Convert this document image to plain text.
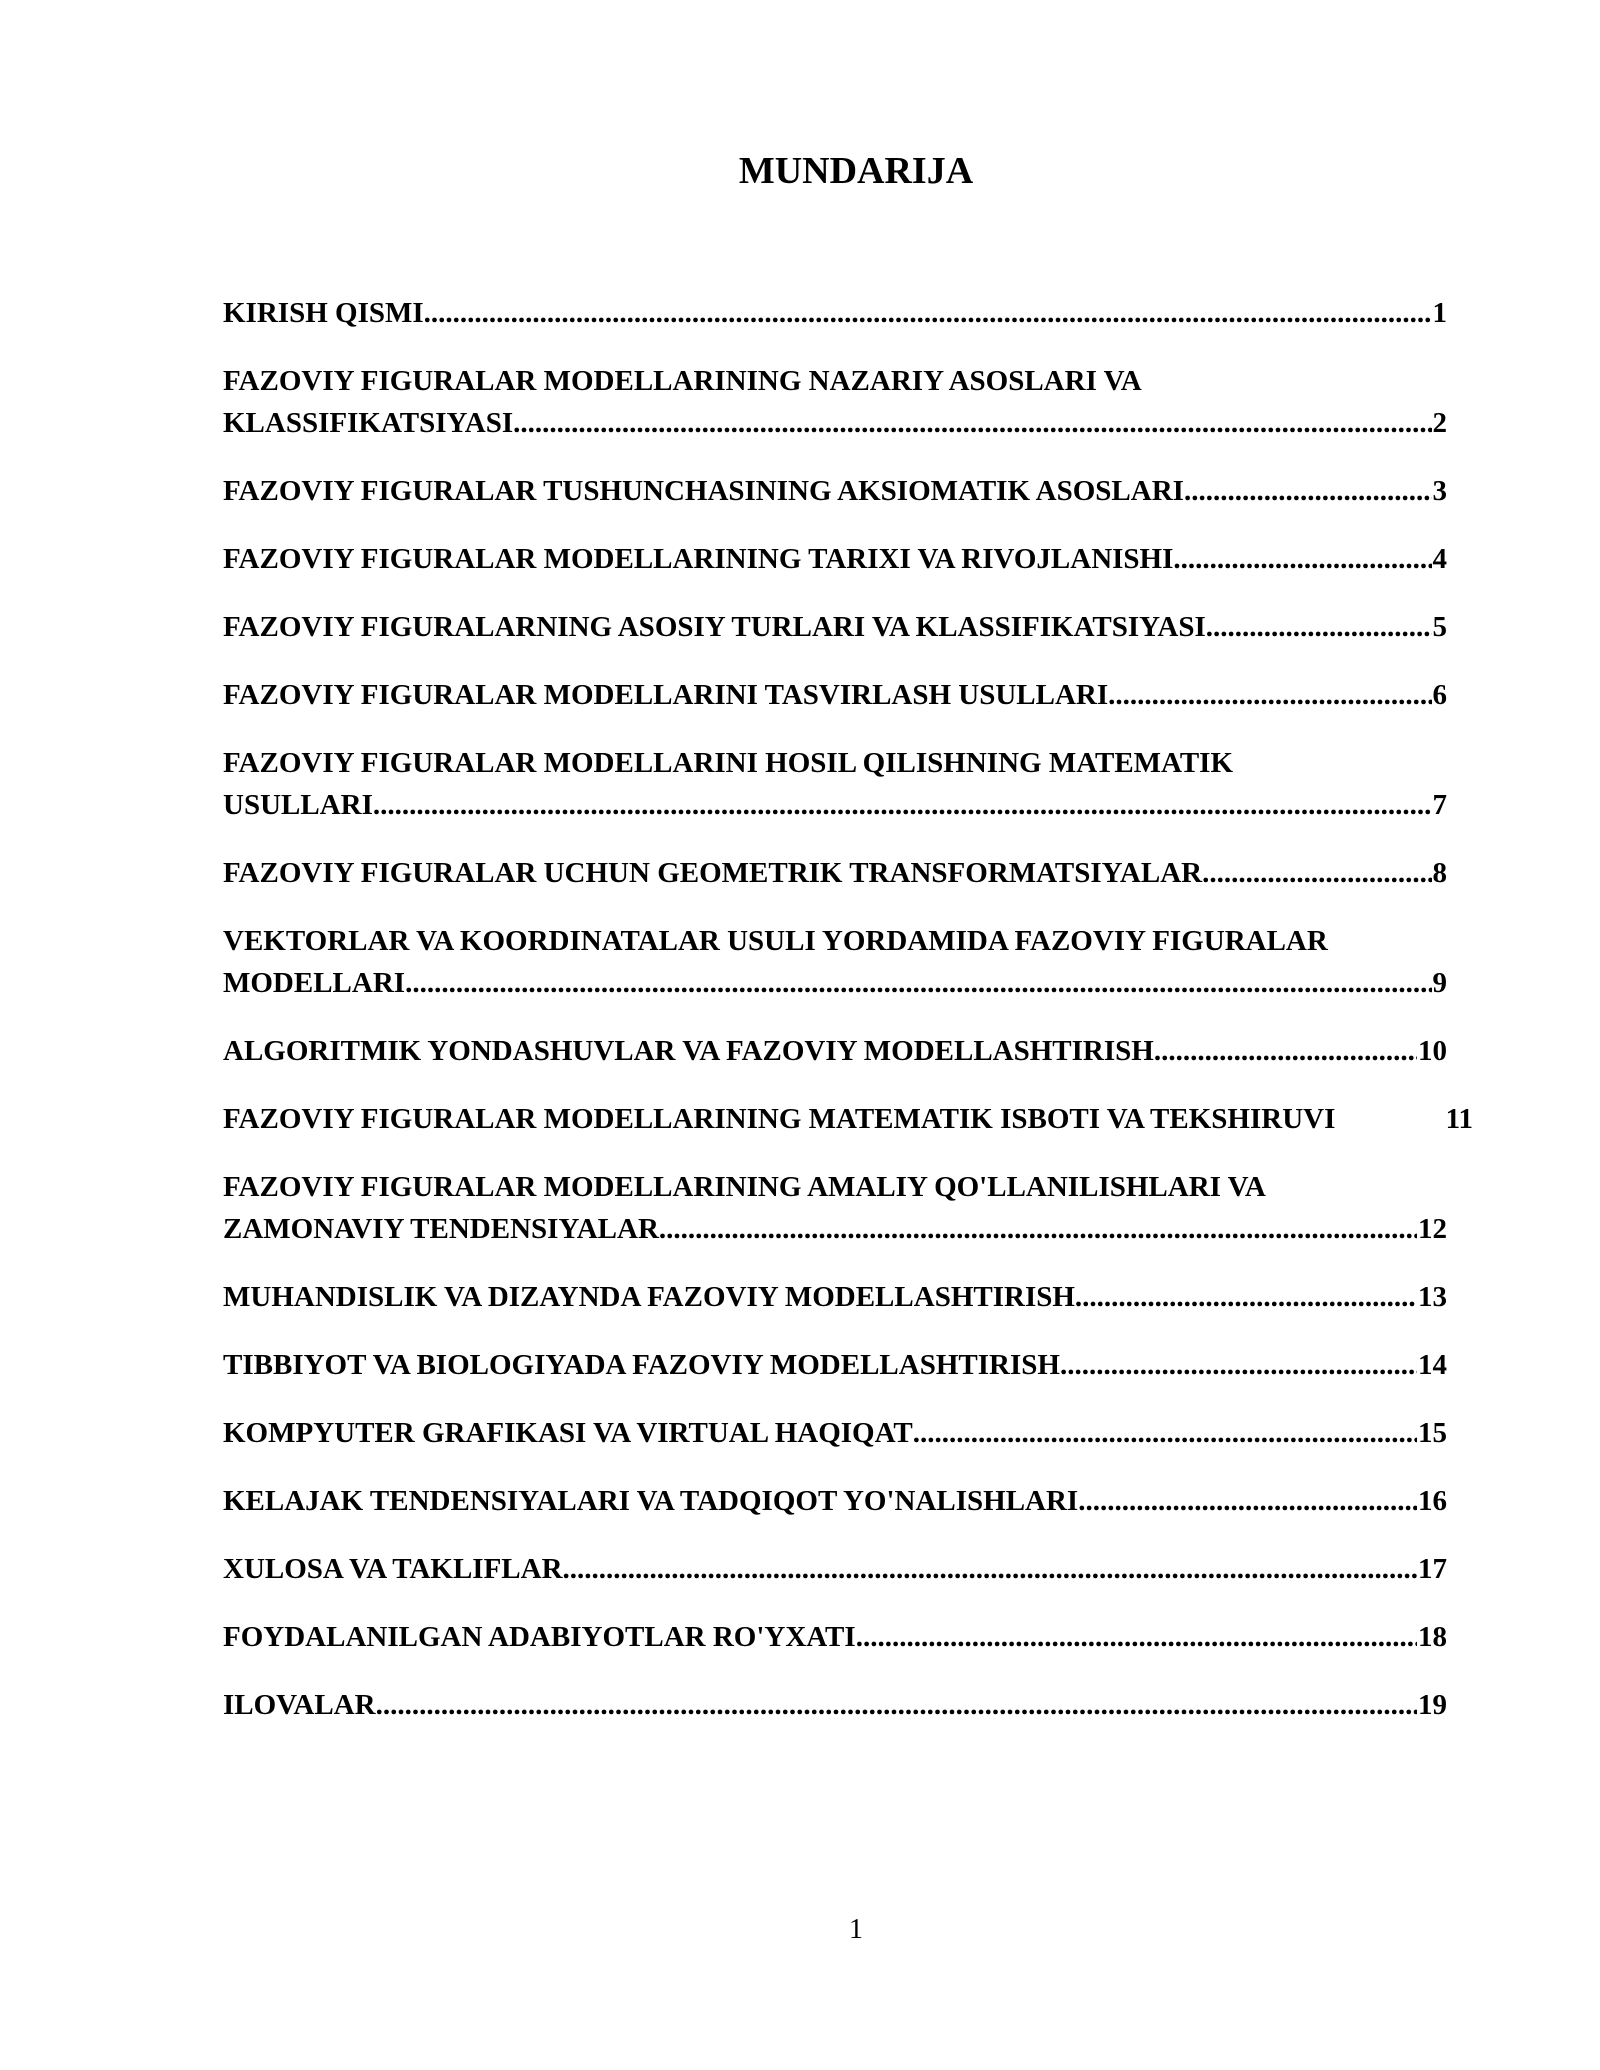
MUNDARIJA
KIRISH QISMI .....	1
FAZOVIY FIGURALAR MODELLARINING NAZARIY ASOSLARI VA
KLASSIFIKATSIYASI .....	2
FAZOVIY FIGURALAR TUSHUNCHASINING AKSIOMATIK ASOSLARI .....	3
FAZOVIY FIGURALAR MODELLARINING TARIXI VA RIVOJLANISHI .....	4
FAZOVIY FIGURALARNING ASOSIY TURLARI VA KLASSIFIKATSIYASI .....	5
FAZOVIY FIGURALAR MODELLARINI TASVIRLASH USULLARI .....	6
FAZOVIY FIGURALAR MODELLARINI HOSIL QILISHNING MATEMATIK
USULLARI .....	7
FAZOVIY FIGURALAR UCHUN GEOMETRIK TRANSFORMATSIYALAR .....	8
VEKTORLAR VA KOORDINATALAR USULI YORDAMIDA FAZOVIY FIGURALAR
MODELLARI .....	9
ALGORITMIK YONDASHUVLAR VA FAZOVIY MODELLASHTIRISH .....	10
FAZOVIY FIGURALAR MODELLARINING MATEMATIK ISBOTI VA TEKSHIRUVI	11
FAZOVIY FIGURALAR MODELLARINING AMALIY QO'LLANILISHLARI VA
ZAMONAVIY TENDENSIYALAR .....	12
MUHANDISLIK VA DIZAYNDA FAZOVIY MODELLASHTIRISH .....	13
TIBBIYOT VA BIOLOGIYADA FAZOVIY MODELLASHTIRISH .....	14
KOMPYUTER GRAFIKASI VA VIRTUAL HAQIQAT .....	15
KELAJAK TENDENSIYALARI VA TADQIQOT YO'NALISHLARI .....	16
XULOSA VA TAKLIFLAR .....	17
FOYDALANILGAN ADABIYOTLAR RO'YXATI .....	18
ILOVALAR .....	19
1
